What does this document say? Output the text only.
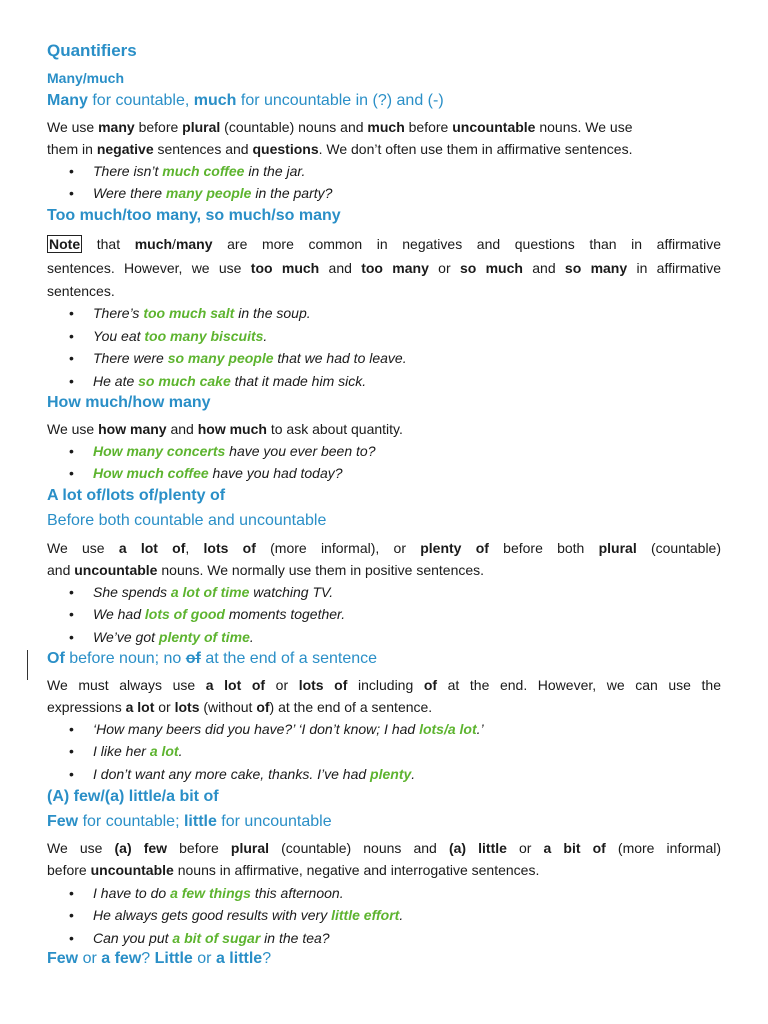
Quantifiers
Many/much
Many for countable, much for uncountable in (?) and (-)
We use many before plural (countable) nouns and much before uncountable nouns. We use
them in negative sentences and questions. We don’t often use them in affirmative sentences.
• There isn’t much coffee in the jar.
• Were there many people in the party?
Too much/too many, so much/so many
Note that much/many are more common in negatives and questions than in affirmative
sentences. However, we use too much and too many or so much and so many in affirmative
sentences.
• There’s too much salt in the soup.
• You eat too many biscuits.
• There were so many people that we had to leave.
• He ate so much cake that it made him sick.
How much/how many
We use how many and how much to ask about quantity.
• How many concerts have you ever been to?
• How much coffee have you had today?
A lot of/lots of/plenty of
Before both countable and uncountable
We use a lot of, lots of (more informal), or plenty of before both plural (countable)
and uncountable nouns. We normally use them in positive sentences.
• She spends a lot of time watching TV.
• We had lots of good moments together.
• We’ve got plenty of time.
Of before noun; no of at the end of a sentence
We must always use a lot of or lots of including of at the end. However, we can use the
expressions a lot or lots (without of) at the end of a sentence.
• ‘How many beers did you have?’ ‘I don’t know; I had lots/a lot.’
• I like her a lot.
• I don’t want any more cake, thanks. I’ve had plenty.
(A) few/(a) little/a bit of
Few for countable; little for uncountable
We use (a) few before plural (countable) nouns and (a) little or a bit of (more informal)
before uncountable nouns in affirmative, negative and interrogative sentences.
• I have to do a few things this afternoon.
• He always gets good results with very little effort.
• Can you put a bit of sugar in the tea?
Few or a few? Little or a little?
